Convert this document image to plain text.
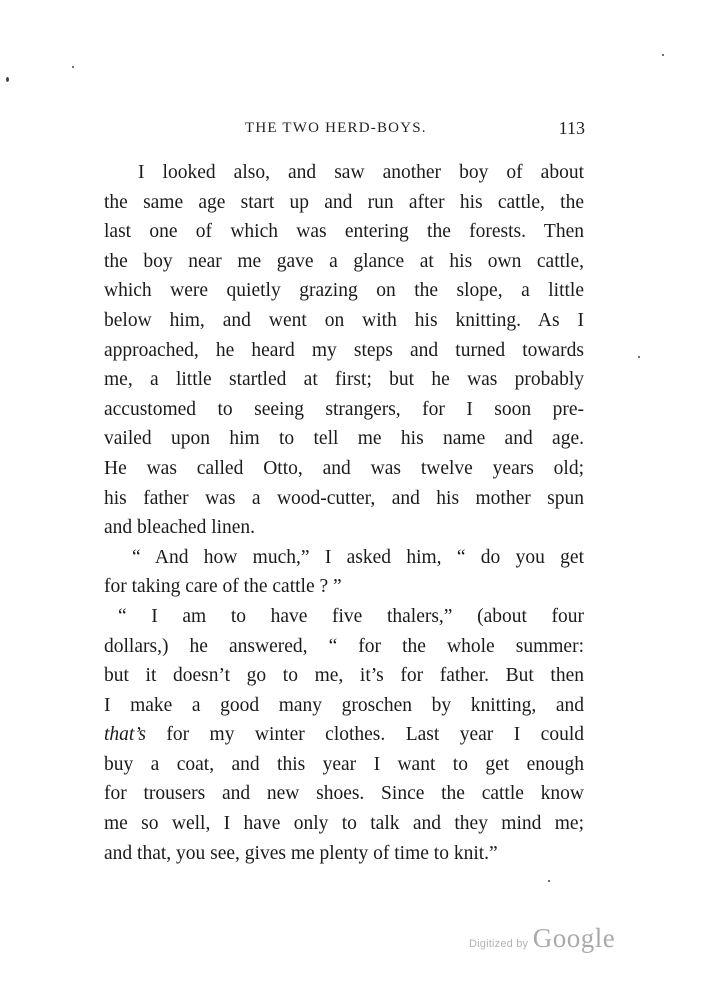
THE TWO HERD-BOYS.	113
I looked also, and saw another boy of about
the same age start up and run after his cattle, the
last one of which was entering the forests. Then
the boy near me gave a glance at his own cattle,
which were quietly grazing on the slope, a little
below him, and went on with his knitting. As I
approached, he heard my steps and turned towards
me, a little startled at first; but he was probably
accustomed to seeing strangers, for I soon pre-
vailed upon him to tell me his name and age.
He was called Otto, and was twelve years old;
his father was a wood-cutter, and his mother spun
and bleached linen.
“ And how much,” I asked him, “ do you get
for taking care of the cattle ? ”
“ I am to have five thalers,” (about four
dollars,) he answered, “ for the whole summer:
but it doesn’t go to me, it’s for father. But then
I make a good many groschen by knitting, and
that’s for my winter clothes. Last year I could
buy a coat, and this year I want to get enough
for trousers and new shoes. Since the cattle know
me so well, I have only to talk and they mind me;
and that, you see, gives me plenty of time to knit.”
Digitized by Google
